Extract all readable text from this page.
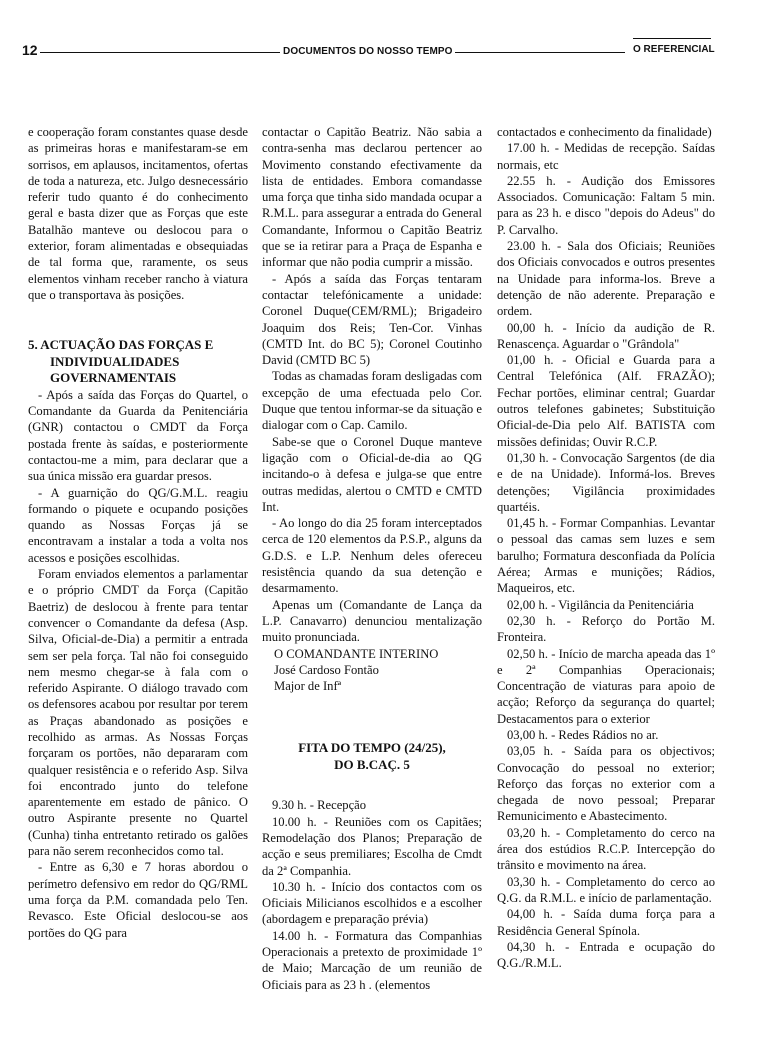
12	DOCUMENTOS DO NOSSO TEMPO	O REFERENCIAL

e cooperação foram constantes quase desde as primeiras horas e manifestaram-se em sorrisos, em aplausos, incitamentos, ofertas de toda a natureza, etc. Julgo desnecessário referir tudo quanto é do conhecimento geral e basta dizer que as Forças que este Batalhão manteve ou deslocou para o exterior, foram alimentadas e obsequiadas de tal forma que, raramente, os seus elementos vinham receber rancho à viatura que o transportava às posições.

5. ACTUAÇÃO DAS FORÇAS E
INDIVIDUALIDADES
GOVERNAMENTAIS

- Após a saída das Forças do Quartel, o Comandante da Guarda da Penitenciária (GNR) contactou o CMDT da Força postada frente às saídas, e posteriormente contactou-me a mim, para declarar que a sua única missão era guardar presos.

- A guarnição do QG/G.M.L. reagiu formando o piquete e ocupando posições quando as Nossas Forças já se encontravam a instalar a toda a volta nos acessos e posições escolhidas.

Foram enviados elementos a parlamentar e o próprio CMDT da Força (Capitão Baetriz) de deslocou à frente para tentar convencer o Comandante da defesa (Asp. Silva, Oficial-de-Dia) a permitir a entrada sem ser pela força. Tal não foi conseguido nem mesmo chegar-se à fala com o referido Aspirante. O diálogo travado com os defensores acabou por resultar por terem as Praças abandonado as posições e recolhido as armas. As Nossas Forças forçaram os portões, não depararam com qualquer resistência e o referido Asp. Silva foi encontrado junto do telefone aparentemente em estado de pânico. O outro Aspirante presente no Quartel (Cunha) tinha entretanto retirado os galões para não serem reconhecidos como tal.

- Entre as 6,30 e 7 horas abordou o perímetro defensivo em redor do QG/RML uma força da P.M. comandada pelo Ten. Revasco. Este Oficial deslocou-se aos portões do QG para

contactar o Capitão Beatriz. Não sabia a contra-senha mas declarou pertencer ao Movimento constando efectivamente da lista de entidades. Embora comandasse uma força que tinha sido mandada ocupar a R.M.L. para assegurar a entrada do General Comandante, Informou o Capitão Beatriz que se ia retirar para a Praça de Espanha e informar que não podia cumprir a missão.

- Após a saída das Forças tentaram contactar telefónicamente a unidade: Coronel Duque(CEM/RML); Brigadeiro Joaquim dos Reis; Ten-Cor. Vinhas (CMTD Int. do BC 5); Coronel Coutinho David (CMTD BC 5)

Todas as chamadas foram desligadas com excepção de uma efectuada pelo Cor. Duque que tentou informar-se da situação e dialogar com o Cap. Camilo.

Sabe-se que o Coronel Duque manteve ligação com o Oficial-de-dia ao QG incitando-o à defesa e julga-se que entre outras medidas, alertou o CMTD e CMTD Int.

- Ao longo do dia 25 foram interceptados cerca de 120 elementos da P.S.P., alguns da G.D.S. e L.P. Nenhum deles ofereceu resistência quando da sua detenção e desarmamento.

Apenas um (Comandante de Lança da L.P. Canavarro) denunciou mentalização muito pronunciada.

O COMANDANTE INTERINO

José Cardoso Fontão

Major de Infª

FITA DO TEMPO (24/25),

DO B.CAÇ. 5

9.30 h. - Recepção

10.00 h. - Reuniões com os Capitães; Remodelação dos Planos; Preparação de acção e seus premiliares; Escolha de Cmdt da 2ª Companhia.

10.30 h. - Início dos contactos com os Oficiais Milicianos escolhidos e a escolher (abordagem e preparação prévia)

14.00 h. - Formatura das Companhias Operacionais a pretexto de proximidade 1º de Maio; Marcação de um reunião de Oficiais para as 23 h . (elementos

contactados e conhecimento da finalidade)

17.00 h. - Medidas de recepção. Saídas normais, etc

22.55 h. - Audição dos Emissores Associados. Comunicação: Faltam 5 min. para as 23 h. e disco "depois do Adeus" do P. Carvalho.

23.00 h. - Sala dos Oficiais; Reuniões dos Oficiais convocados e outros presentes na Unidade para informa-los. Breve a detenção de não aderente. Preparação e ordem.

00,00 h. - Início da audição de R. Renascença. Aguardar o "Grândola"

01,00 h. - Oficial e Guarda para a Central Telefónica (Alf. FRAZÃO); Fechar portões, eliminar central; Guardar outros telefones gabinetes; Substituição Oficial-de-Dia pelo Alf. BATISTA com missões definidas; Ouvir R.C.P.

01,30 h. - Convocação Sargentos (de dia e de na Unidade). Informá-los. Breves detenções; Vigilância proximidades quartéis.

01,45 h. - Formar Companhias. Levantar o pessoal das camas sem luzes e sem barulho; Formatura desconfiada da Polícia Aérea; Armas e munições; Rádios, Maqueiros, etc.

02,00 h. - Vigilância da Penitenciária

02,30 h. - Reforço do Portão M. Fronteira.

02,50 h. - Início de marcha apeada das 1º e 2ª Companhias Operacionais; Concentração de viaturas para apoio de acção; Reforço da segurança do quartel; Destacamentos para o exterior

03,00 h. - Redes Rádios no ar.

03,05 h. - Saída para os objectivos; Convocação do pessoal no exterior; Reforço das forças no exterior com a chegada de novo pessoal; Preparar Remunicimento e Abastecimento.

03,20 h. - Completamento do cerco na área dos estúdios R.C.P. Intercepção do trânsito e movimento na área.

03,30 h. - Completamento do cerco ao Q.G. da R.M.L. e início de parlamentação.

04,00 h. - Saída duma força para a Residência General Spínola.

04,30 h. - Entrada e ocupação do Q.G./R.M.L.
